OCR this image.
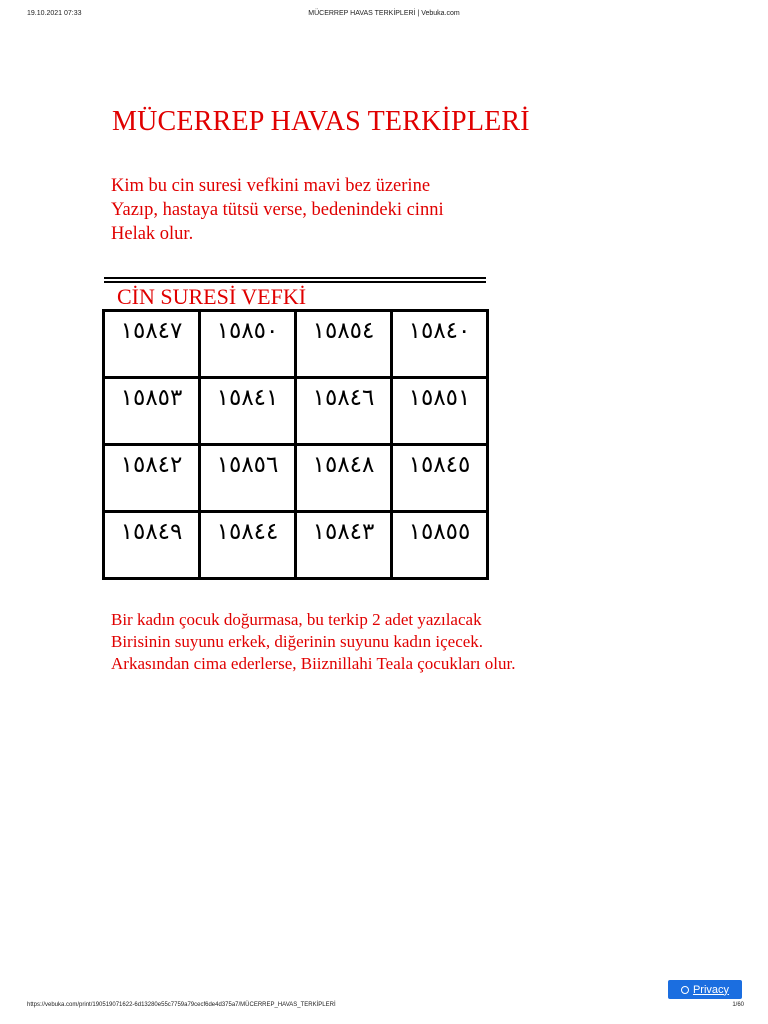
19.10.2021 07:33	MÜCERREP HAVAS TERKİPLERİ | Vebuka.com
MÜCERREP HAVAS TERKİPLERİ

Kim bu cin suresi vefkini mavi bez üzerine
Yazıp, hastaya tütsü verse, bedenindeki cinni
Helak olur.

CİN SURESİ VEFKİ
١٥٨٤٧	١٥٨٥٠	١٥٨٥٤	١٥٨٤٠
١٥٨٥٣	١٥٨٤١	١٥٨٤٦	١٥٨٥١
١٥٨٤٢	١٥٨٥٦	١٥٨٤٨	١٥٨٤٥
١٥٨٤٩	١٥٨٤٤	١٥٨٤٣	١٥٨٥٥

Bir kadın çocuk doğurmasa, bu terkip 2 adet yazılacak
Birisinin suyunu erkek, diğerinin suyunu kadın içecek.
Arkasından cima ederlerse, Biiznillahi Teala çocukları olur.

Privacy
https://vebuka.com/print/190519071622-6d13280e55c7759a79cecf6de4d375a7/MÜCERREP_HAVAS_TERKİPLERİ	1/60
